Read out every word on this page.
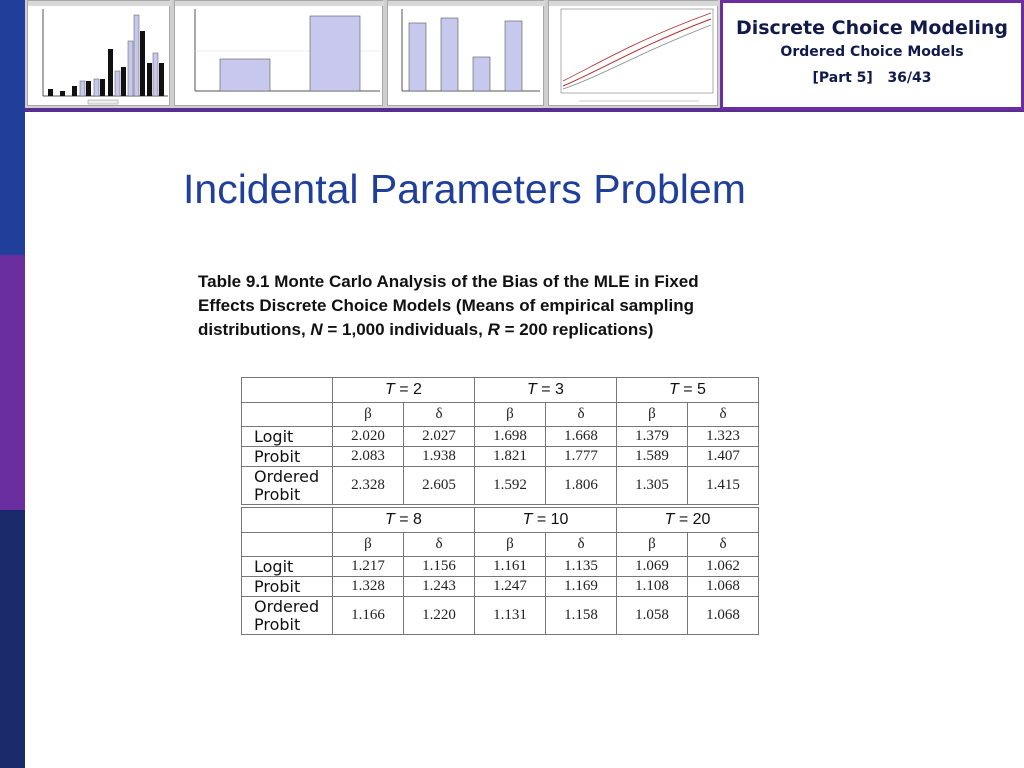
Discrete Choice Modeling
Ordered Choice Models
[Part 5] 36/43
Incidental Parameters Problem
Table 9.1 Monte Carlo Analysis of the Bias of the MLE in Fixed
Effects Discrete Choice Models (Means of empirical sampling
distributions, N = 1,000 individuals, R = 200 replications)
	T = 2		T = 3		T = 5	
	β	δ	β	δ	β	δ
Logit	2.020	2.027	1.698	1.668	1.379	1.323
Probit	2.083	1.938	1.821	1.777	1.589	1.407
Ordered
Probit	2.328	2.605	1.592	1.806	1.305	1.415
	T = 8		T = 10		T = 20	
	β	δ	β	δ	β	δ
Logit	1.217	1.156	1.161	1.135	1.069	1.062
Probit	1.328	1.243	1.247	1.169	1.108	1.068
Ordered
Probit	1.166	1.220	1.131	1.158	1.058	1.068
